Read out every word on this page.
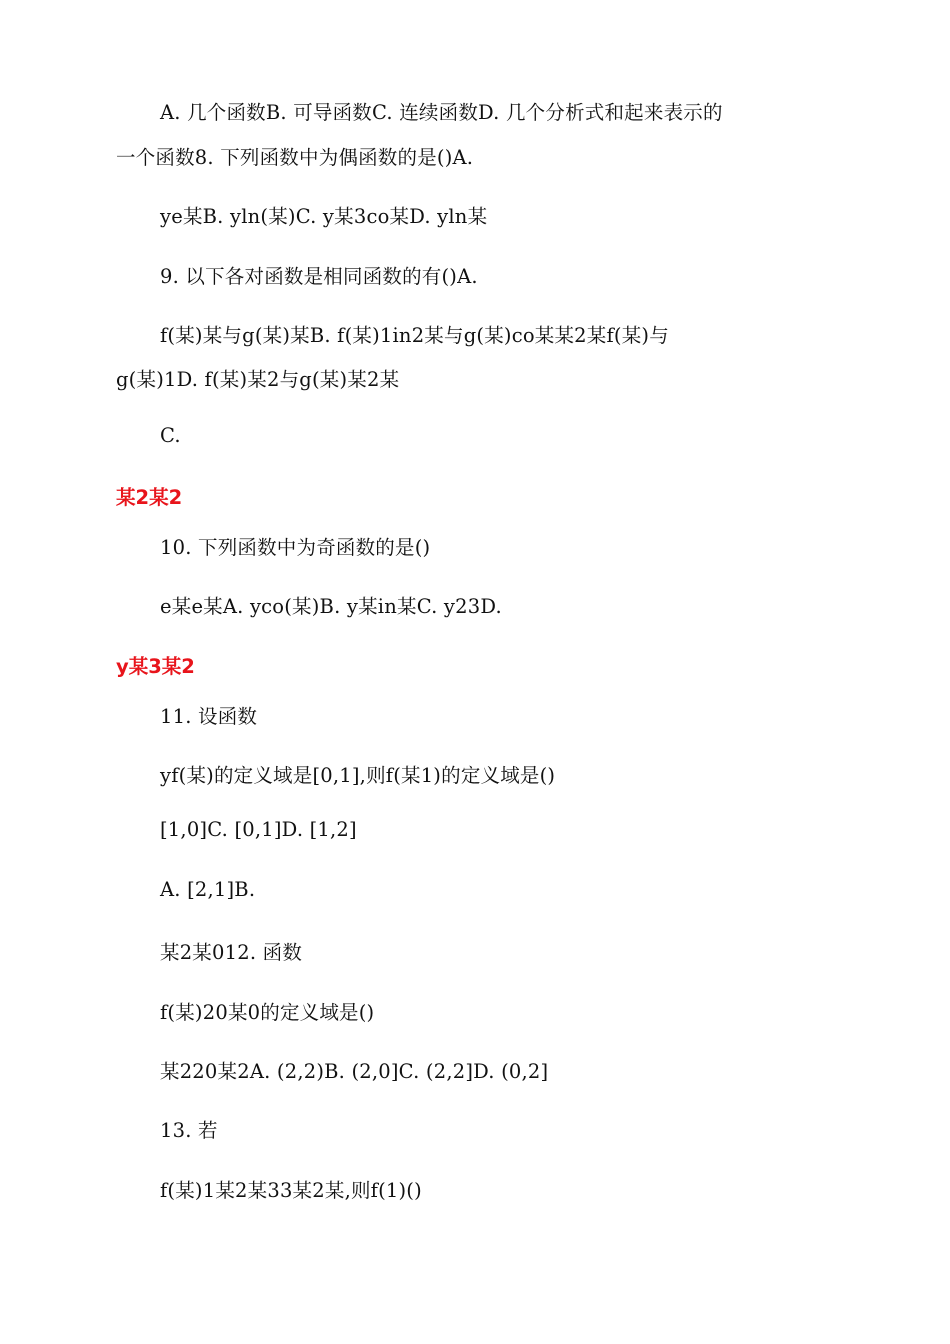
A. 几个函数B. 可导函数C. 连续函数D. 几个分析式和起来表示的
一个函数8. 下列函数中为偶函数的是()A.
ye某B. yln(某)C. y某3co某D. yln某
9. 以下各对函数是相同函数的有()A.
f(某)某与g(某)某B. f(某)1in2某与g(某)co某某2某f(某)与
g(某)1D. f(某)某2与g(某)某2某
C.
某2某2
10. 下列函数中为奇函数的是()
e某e某A. yco(某)B. y某in某C. y23D.
y某3某2
11. 设函数
yf(某)的定义域是[0,1],则f(某1)的定义域是()
[1,0]C. [0,1]D. [1,2]
A. [2,1]B.
某2某012. 函数
f(某)20某0的定义域是()
某220某2A. (2,2)B. (2,0]C. (2,2]D. (0,2]
13. 若
f(某)1某2某33某2某,则f(1)()
